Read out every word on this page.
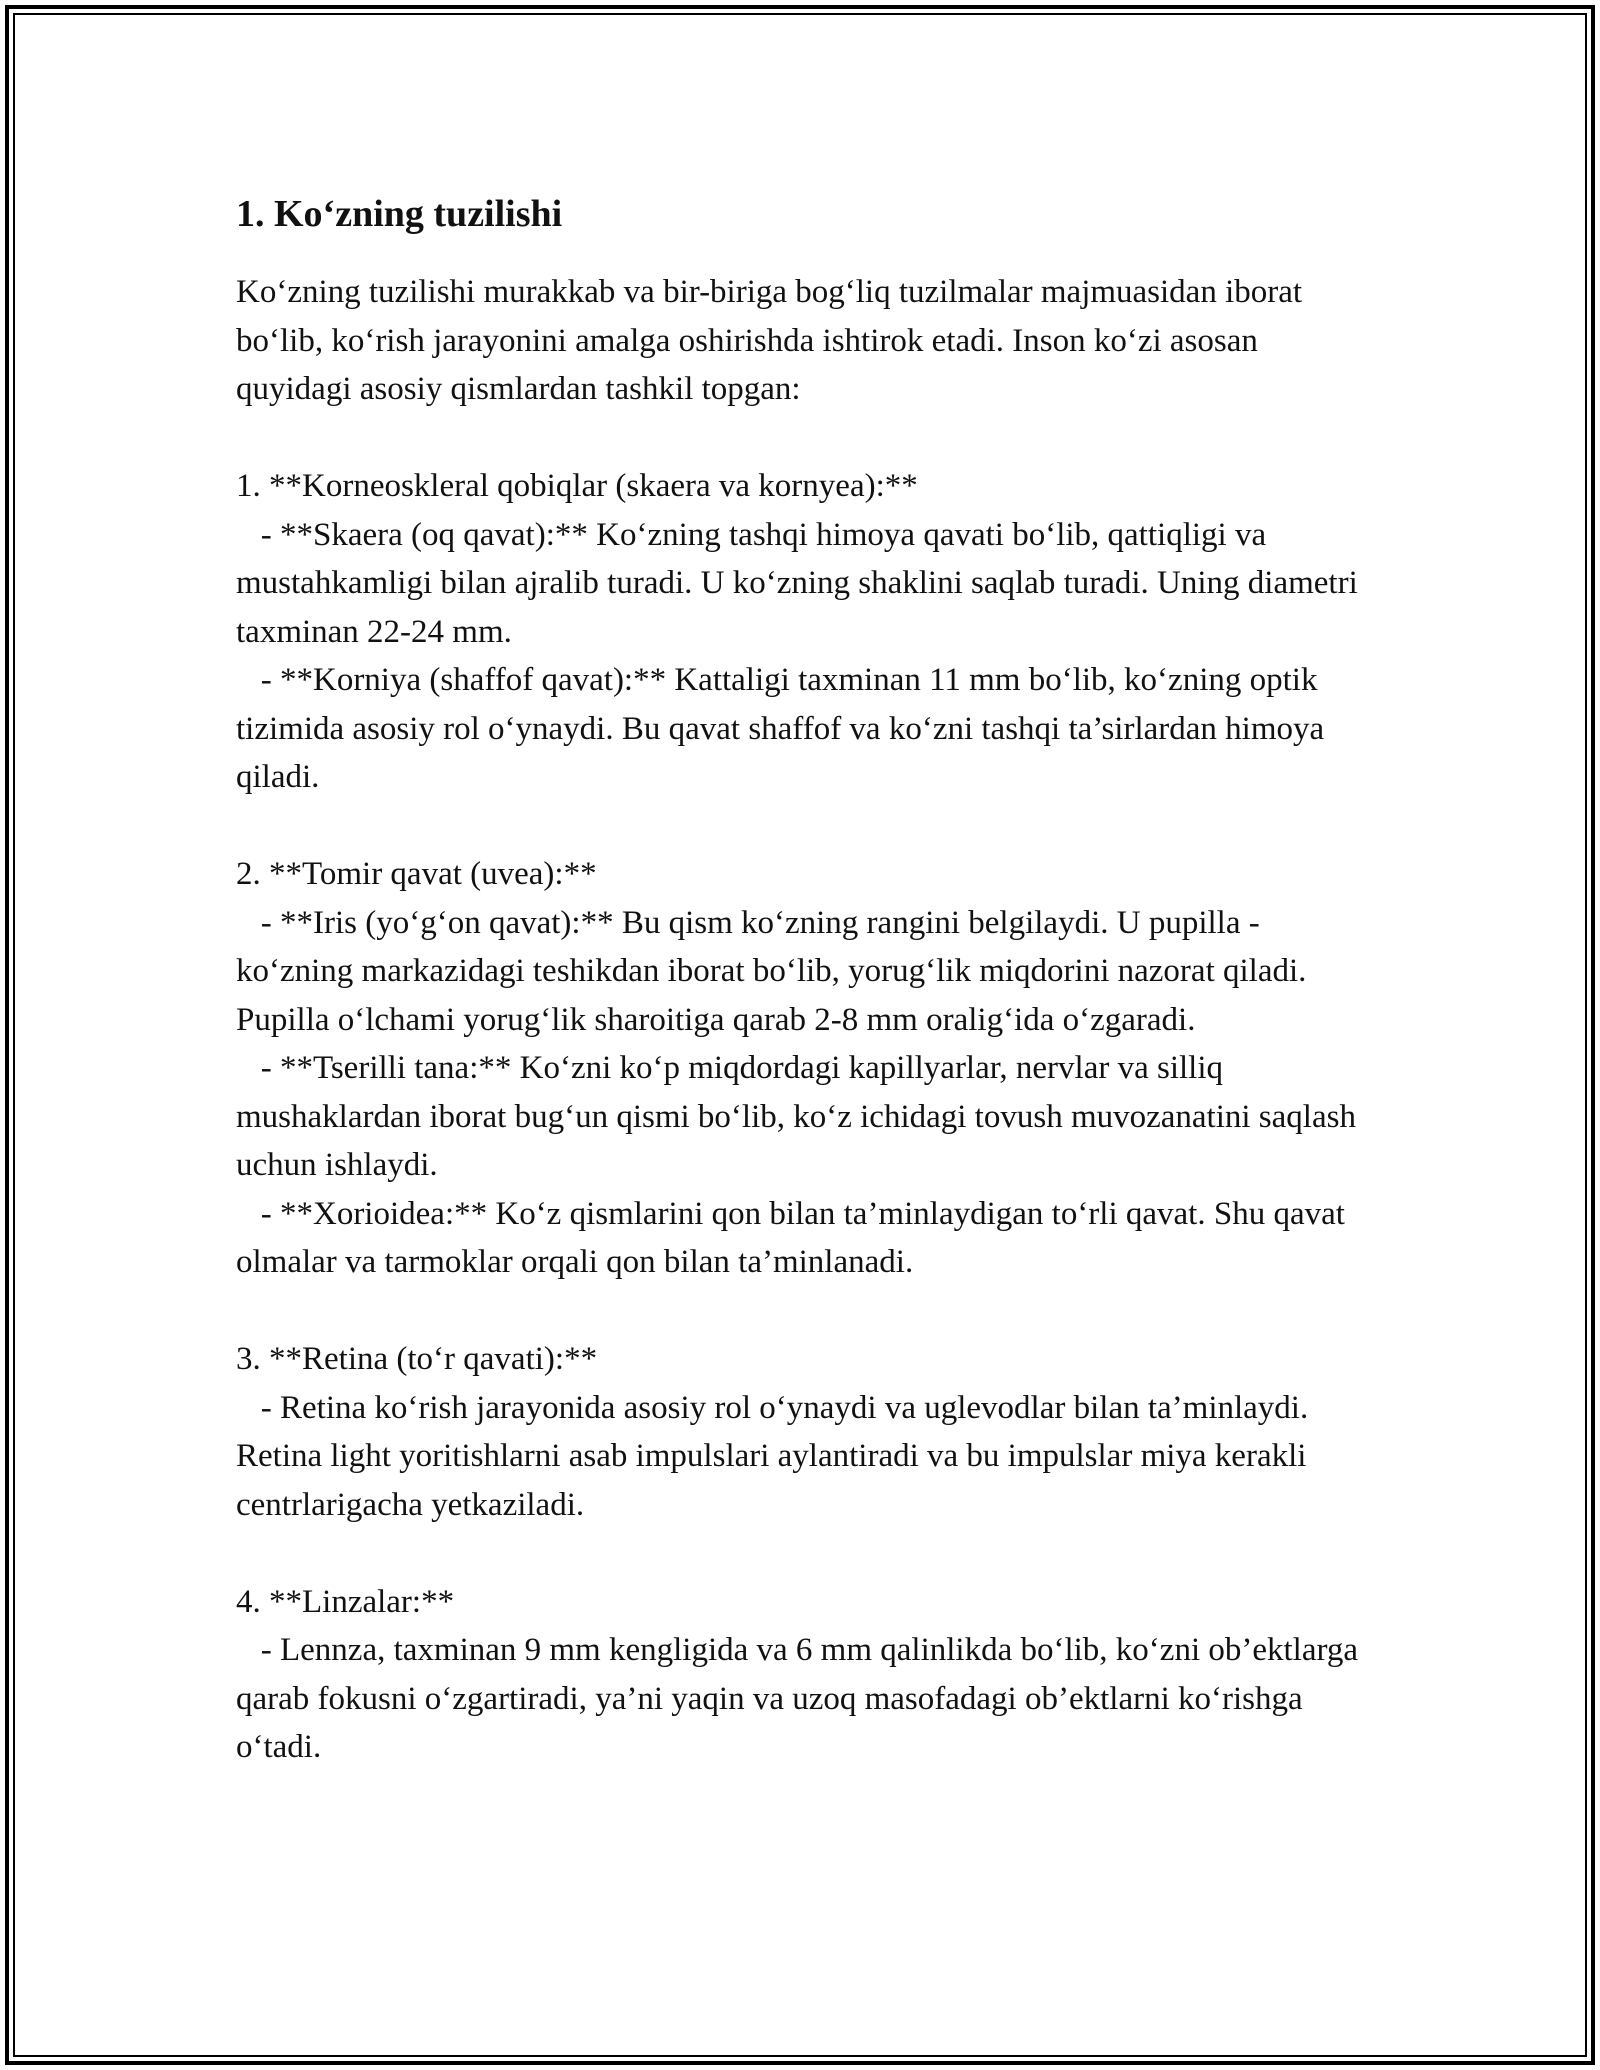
1. Ko‘zning tuzilishi

Ko‘zning tuzilishi murakkab va bir-biriga bog‘liq tuzilmalar majmuasidan iborat bo‘lib, ko‘rish jarayonini amalga oshirishda ishtirok etadi. Inson ko‘zi asosan quyidagi asosiy qismlardan tashkil topgan:

1. **Korneoskleral qobiqlar (skaera va kornyea):**

- **Skaera (oq qavat):** Ko‘zning tashqi himoya qavati bo‘lib, qattiqligi va mustahkamligi bilan ajralib turadi. U ko‘zning shaklini saqlab turadi. Uning diametri taxminan 22-24 mm.

- **Korniya (shaffof qavat):** Kattaligi taxminan 11 mm bo‘lib, ko‘zning optik tizimida asosiy rol o‘ynaydi. Bu qavat shaffof va ko‘zni tashqi ta’sirlardan himoya qiladi.

2. **Tomir qavat (uvea):**

- **Iris (yo‘g‘on qavat):** Bu qism ko‘zning rangini belgilaydi. U pupilla - ko‘zning markazidagi teshikdan iborat bo‘lib, yorug‘lik miqdorini nazorat qiladi. Pupilla o‘lchami yorug‘lik sharoitiga qarab 2-8 mm oralig‘ida o‘zgaradi.

- **Tserilli tana:** Ko‘zni ko‘p miqdordagi kapillyarlar, nervlar va silliq mushaklardan iborat bug‘un qismi bo‘lib, ko‘z ichidagi tovush muvozanatini saqlash uchun ishlaydi.

- **Xorioidea:** Ko‘z qismlarini qon bilan ta’minlaydigan to‘rli qavat. Shu qavat olmalar va tarmoklar orqali qon bilan ta’minlanadi.

3. **Retina (to‘r qavati):**

- Retina ko‘rish jarayonida asosiy rol o‘ynaydi va uglevodlar bilan ta’minlaydi. Retina light yoritishlarni asab impulslari aylantiradi va bu impulslar miya kerakli centrlarigacha yetkaziladi.

4. **Linzalar:**

- Lennza, taxminan 9 mm kengligida va 6 mm qalinlikda bo‘lib, ko‘zni ob’ektlarga qarab fokusni o‘zgartiradi, ya’ni yaqin va uzoq masofadagi ob’ektlarni ko‘rishga o‘tadi.
